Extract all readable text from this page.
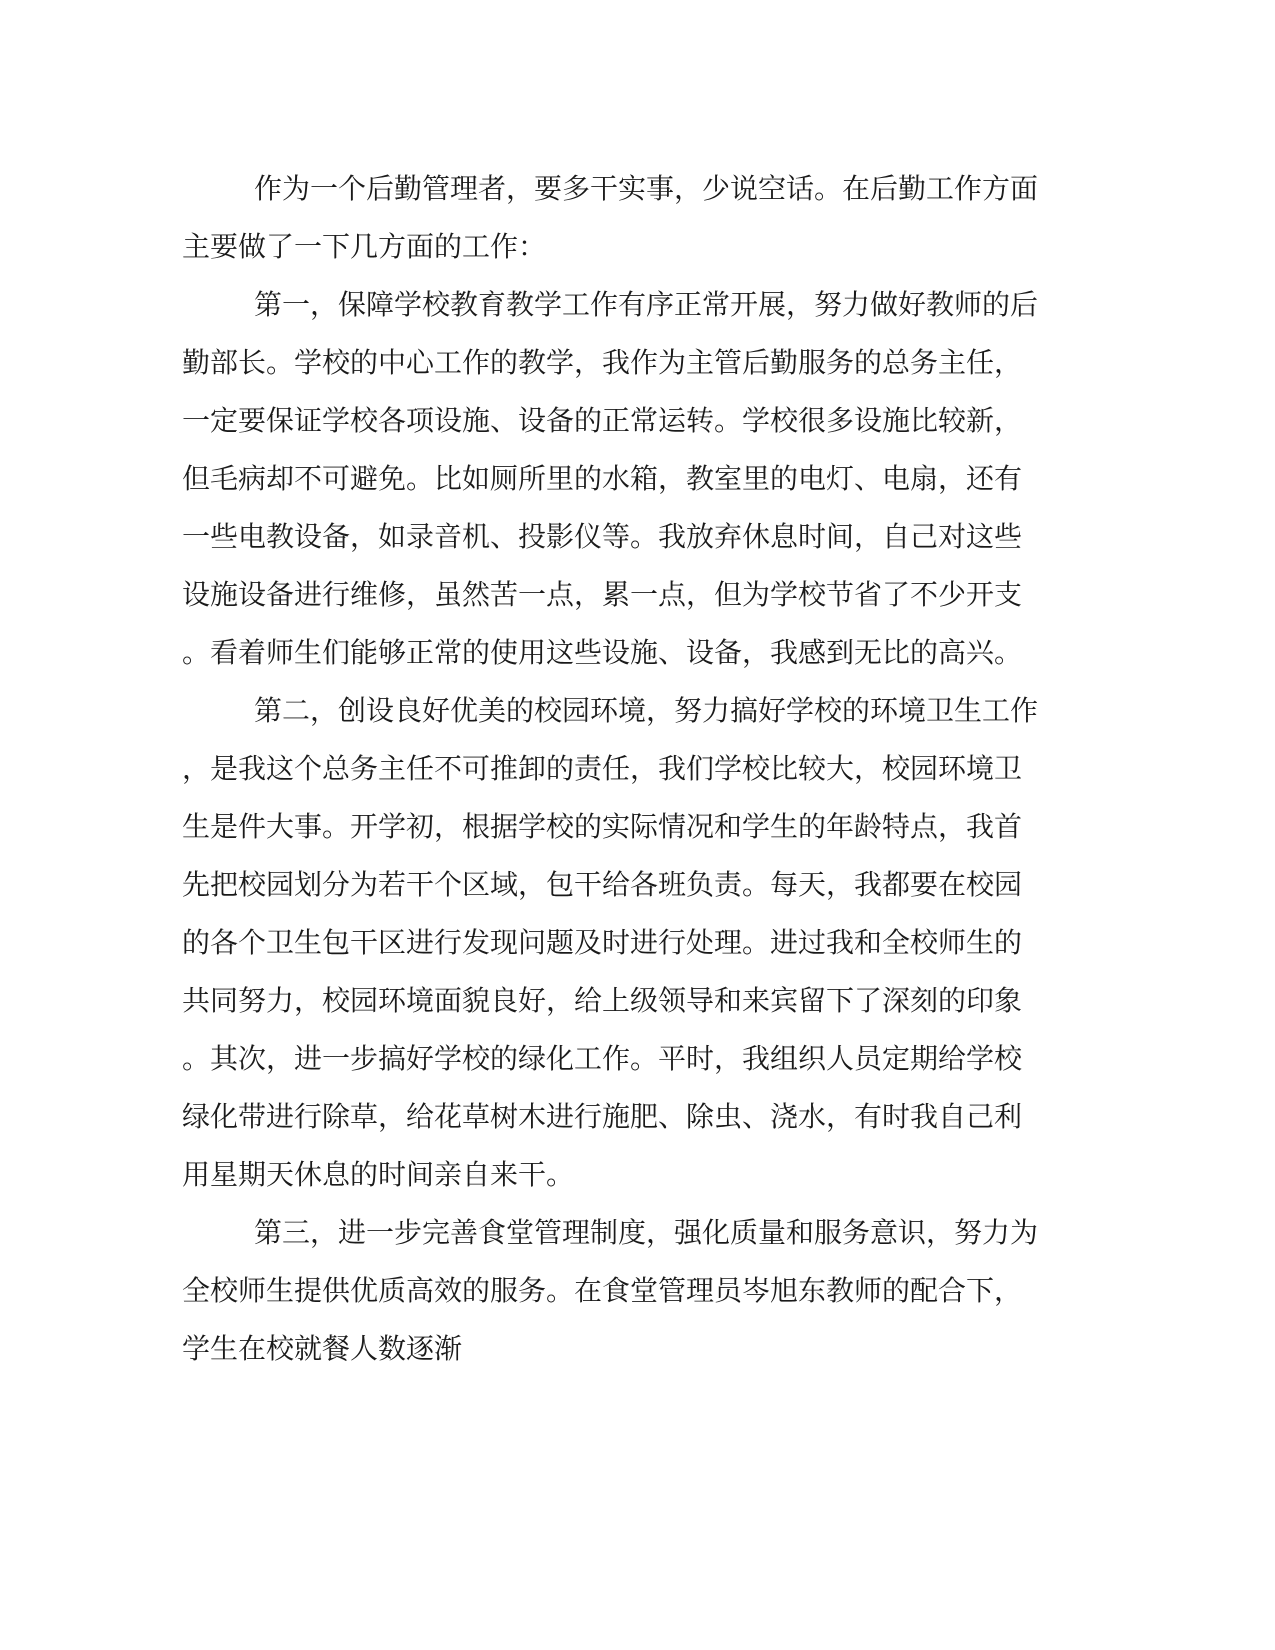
作为一个后勤管理者，要多干实事，少说空话。在后勤工作方面
主要做了一下几方面的工作：
第一，保障学校教育教学工作有序正常开展，努力做好教师的后
勤部长。学校的中心工作的教学，我作为主管后勤服务的总务主任，
一定要保证学校各项设施、设备的正常运转。学校很多设施比较新，
但毛病却不可避免。比如厕所里的水箱，教室里的电灯、电扇，还有
一些电教设备，如录音机、投影仪等。我放弃休息时间，自己对这些
设施设备进行维修，虽然苦一点，累一点，但为学校节省了不少开支
。看着师生们能够正常的使用这些设施、设备，我感到无比的高兴。
第二，创设良好优美的校园环境，努力搞好学校的环境卫生工作
，是我这个总务主任不可推卸的责任，我们学校比较大，校园环境卫
生是件大事。开学初，根据学校的实际情况和学生的年龄特点，我首
先把校园划分为若干个区域，包干给各班负责。每天，我都要在校园
的各个卫生包干区进行发现问题及时进行处理。进过我和全校师生的
共同努力，校园环境面貌良好，给上级领导和来宾留下了深刻的印象
。其次，进一步搞好学校的绿化工作。平时，我组织人员定期给学校
绿化带进行除草，给花草树木进行施肥、除虫、浇水，有时我自己利
用星期天休息的时间亲自来干。
第三，进一步完善食堂管理制度，强化质量和服务意识，努力为
全校师生提供优质高效的服务。在食堂管理员岑旭东教师的配合下，
学生在校就餐人数逐渐
